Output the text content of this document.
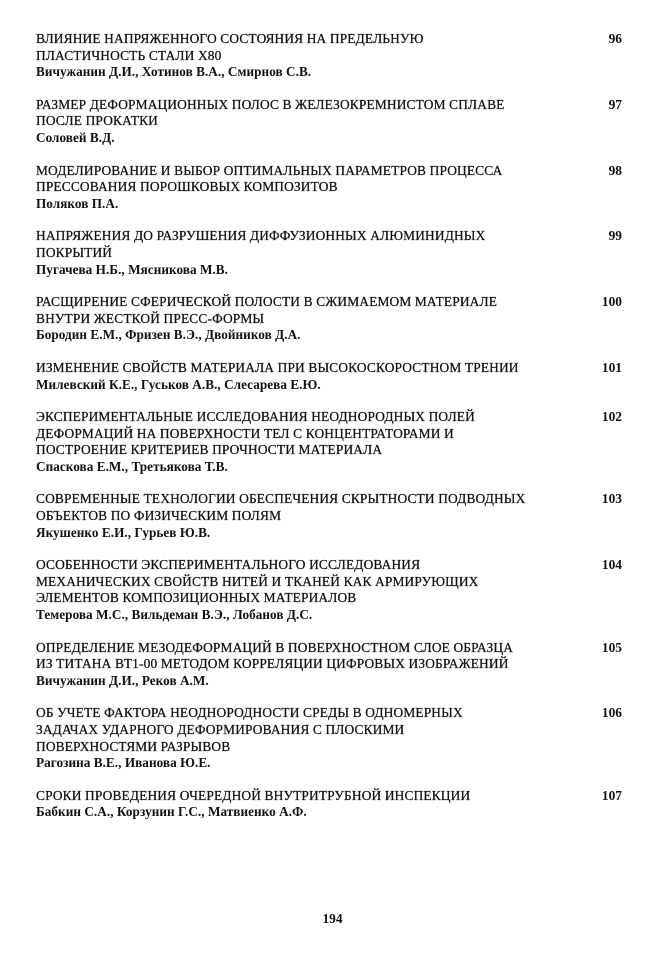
ВЛИЯНИЕ НАПРЯЖЕННОГО СОСТОЯНИЯ НА ПРЕДЕЛЬНУЮ
ПЛАСТИЧНОСТЬ СТАЛИ Х80
Вичужанин Д.И., Хотинов В.А., Смирнов С.В.
96
РАЗМЕР ДЕФОРМАЦИОННЫХ ПОЛОС В ЖЕЛЕЗОКРЕМНИСТОМ СПЛАВЕ
ПОСЛЕ ПРОКАТКИ
Соловей В.Д.
97
МОДЕЛИРОВАНИЕ И ВЫБОР ОПТИМАЛЬНЫХ ПАРАМЕТРОВ ПРОЦЕССА
ПРЕССОВАНИЯ ПОРОШКОВЫХ КОМПОЗИТОВ
Поляков П.А.
98
НАПРЯЖЕНИЯ ДО РАЗРУШЕНИЯ ДИФФУЗИОННЫХ АЛЮМИНИДНЫХ
ПОКРЫТИЙ
Пугачева Н.Б., Мясникова М.В.
99
РАСЩИРЕНИЕ СФЕРИЧЕСКОЙ ПОЛОСТИ В СЖИМАЕМОМ МАТЕРИАЛЕ
ВНУТРИ ЖЕСТКОЙ ПРЕСС-ФОРМЫ
Бородин Е.М., Фризен В.Э., Двойников Д.А.
100
ИЗМЕНЕНИЕ СВОЙСТВ МАТЕРИАЛА ПРИ ВЫСОКОСКОРОСТНОМ ТРЕНИИ
Милевский К.Е., Гуськов А.В., Слесарева Е.Ю.
101
ЭКСПЕРИМЕНТАЛЬНЫЕ ИССЛЕДОВАНИЯ НЕОДНОРОДНЫХ ПОЛЕЙ
ДЕФОРМАЦИЙ НА ПОВЕРХНОСТИ ТЕЛ С КОНЦЕНТРАТОРАМИ И
ПОСТРОЕНИЕ КРИТЕРИЕВ ПРОЧНОСТИ МАТЕРИАЛА
Спаскова Е.М., Третьякова Т.В.
102
СОВРЕМЕННЫЕ ТЕХНОЛОГИИ ОБЕСПЕЧЕНИЯ СКРЫТНОСТИ ПОДВОДНЫХ
ОБЪЕКТОВ ПО ФИЗИЧЕСКИМ ПОЛЯМ
Якушенко Е.И., Гурьев Ю.В.
103
ОСОБЕННОСТИ ЭКСПЕРИМЕНТАЛЬНОГО ИССЛЕДОВАНИЯ
МЕХАНИЧЕСКИХ СВОЙСТВ НИТЕЙ И ТКАНЕЙ КАК АРМИРУЮЩИХ
ЭЛЕМЕНТОВ КОМПОЗИЦИОННЫХ МАТЕРИАЛОВ
Темерова М.С., Вильдеман В.Э., Лобанов Д.С.
104
ОПРЕДЕЛЕНИЕ МЕЗОДЕФОРМАЦИЙ В ПОВЕРХНОСТНОМ СЛОЕ ОБРАЗЦА
ИЗ ТИТАНА ВТ1-00 МЕТОДОМ КОРРЕЛЯЦИИ ЦИФРОВЫХ ИЗОБРАЖЕНИЙ
Вичужанин Д.И., Реков А.М.
105
ОБ УЧЕТЕ ФАКТОРА НЕОДНОРОДНОСТИ СРЕДЫ В ОДНОМЕРНЫХ
ЗАДАЧАХ УДАРНОГО ДЕФОРМИРОВАНИЯ С ПЛОСКИМИ
ПОВЕРХНОСТЯМИ РАЗРЫВОВ
Рагозина В.Е., Иванова Ю.Е.
106
СРОКИ ПРОВЕДЕНИЯ ОЧЕРЕДНОЙ ВНУТРИТРУБНОЙ ИНСПЕКЦИИ
Бабкин С.А., Корзунин Г.С., Матвиенко А.Ф.
107
194
